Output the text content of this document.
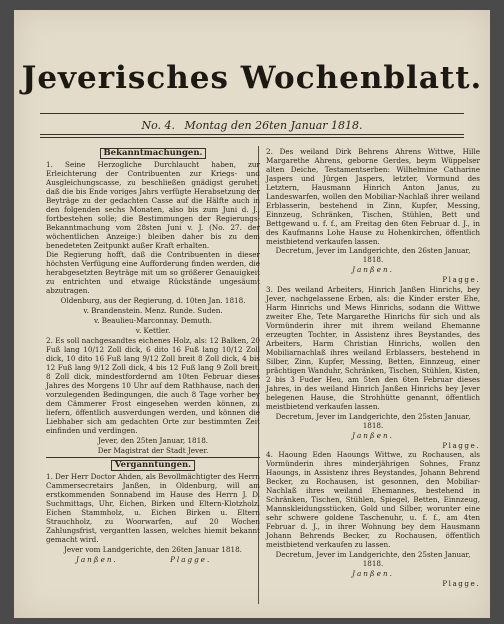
Jeverisches Wochenblatt.
No. 4. Montag den 26ten Januar 1818.
Bekanntmachungen.

1. Seine Herzogliche Durchlaucht haben, zur Erleichterung der Contribuenten zur Kriegs- und Ausgleichungscasse, zu beschließen gnädigst geruhet: daß die bis Ende voriges Jahrs verfügte Herabsetzung der Beyträge zu der gedachten Casse auf die Hälfte auch in den folgenden sechs Monaten, also bis zum Juni d. J., fortbestehen solle; die Bestimmungen der Regierungs-Bekanntmachung vom 28sten Juni v. J. (No. 27. der wöchentlichen Anzeige:) bleiben daher bis zu dem benedeteten Zeitpunkt außer Kraft erhalten.

Die Regierung hofft, daß die Contribuenten in dieser höchsten Verfügung eine Aufforderung finden werden, die herabgesetzten Beyträge mit um so größerer Genauigkeit zu entrichten und etwaige Rückstände ungesäumt abzutragen.

Oldenburg, aus der Regierung, d. 10ten Jan. 1818.

v. Brandenstein. Menz. Runde. Suden.

v. Beaulieu-Marconnay. Demuth.

v. Kettler.

2. Es soll nachgesandtes eichenes Holz, als: 12 Balken, 20 Fuß lang 10/12 Zoll dick, 6 dito 16 Fuß lang 10/12 Zoll dick, 10 dito 16 Fuß lang 9/12 Zoll breit 8 Zoll dick, 4 bis 12 Fuß lang 9/12 Zoll dick, 4 bis 12 Fuß lang 9 Zoll breit, 8 Zoll dick, mindestfordernd am 10ten Februar dieses Jahres des Morgens 10 Uhr auf dem Rathhause, nach den vorzulegenden Bedingungen, die auch 8 Tage vorher bey dem Cämmerer Frost eingesehen werden können, zu liefern, öffentlich ausverdungen werden, und können die Liebhaber sich am gedachten Orte zur bestimmten Zeit einfinden und verdingen.

Jever, den 25ten Januar, 1818.

Der Magistrat der Stadt Jever.

Verganntungen.

1. Der Herr Doctor Ahden, als Bevollmächtigter des Herrn Cammersecretairs Janßen, in Oldenburg, will am erstkommenden Sonnabend im Hause des Herrn J. D. Suchmittags, Uhr, Eichen, Birken und Eltern-Klotzholz, Eichen Stammholz, u. Eichen Birken u. Eltern Strauchholz, zu Woorwarfen, auf 20 Wochen Zahlungsfrist, vergantten lassen, welches hiemit bekannt gemacht wird.

Jever vom Landgerichte, den 26ten Januar 1818.

Janßen.	Plagge.

2. Des weiland Dirk Behrens Ahrens Wittwe, Hille Margarethe Ahrens, geborne Gerdes, beym Wüppelser alten Deiche, Testamentserben: Wilhelmine Catharine Jaspers und Jürgen Jaspers, letzter, Vormund des Letztern, Hausmann Hinrich Anton Janus, zu Landeswarfen, wollen den Mobiliar-Nachlaß ihrer weiland Erblasserin, bestehend in Zinn, Kupfer, Messing, Einnzeug, Schränken, Tischen, Stühlen, Bett und Bettgewand u. f. f., am Freitag den 6ten Februar d. J., in des Kaufmanns Lohe Hause zu Hohenkirchen, öffentlich meistbietend verkaufen lassen.

Decretum, Jever im Landgerichte, den 26sten Januar, 1818.

Janßen.

Plagge.

3. Des weiland Arbeiters, Hinrich Janßen Hinrichs, bey Jever, nachgelassene Erben, als: die Kinder erster Ehe, Harm Hinrichs und Mews Hinrichs, sodann die Wittwe zweiter Ehe, Tete Margarethe Hinrichs für sich und als Vormünderin ihrer mit ihrem weiland Ehemanne erzeugten Tochter, in Assistenz ihres Beystandes, des Arbeiters, Harm Christian Hinrichs, wollen den Mobiliarnachlaß ihres weiland Erblassers, bestehend in Silber, Zinn, Kupfer, Messing, Betten, Einnzeug, einer prächtigen Wanduhr, Schränken, Tischen, Stühlen, Kisten, 2 bis 3 Fuder Heu, am 5ten den 6ten Februar dieses Jahres, in des weiland Hinrich Janßen Hinrichs bey Jever belegenen Hause, die Strohhütte genannt, öffentlich meistbietend verkaufen lassen.

Decretum, Jever im Landgerichte, den 25sten Januar, 1818.

Janßen.

Plagge.

4. Haoung Eden Haoungs Wittwe, zu Rochausen, als Vormünderin ihres minderjährigen Sohnes, Franz Haoungs, in Assistenz ihres Beystandes, Johann Behrend Becker, zu Rochausen, ist gesonnen, den Mobiliar-Nachlaß ihres weiland Ehemannes, bestehend in Schränken, Tischen, Stühlen, Spiegel, Betten, Einnzeug, Mannskleidungsstücken, Gold und Silber, worunter eine sehr schwere goldene Taschenuhr, u. f. f., am 4ten Februar d. J., in ihrer Wohnung bey dem Hausmann Johann Behrends Becker, zu Rochausen, öffentlich meistbietend verkaufen zu lassen.

Decretum, Jever im Landgerichte, den 25sten Januar, 1818.

Janßen.

Plagge.
